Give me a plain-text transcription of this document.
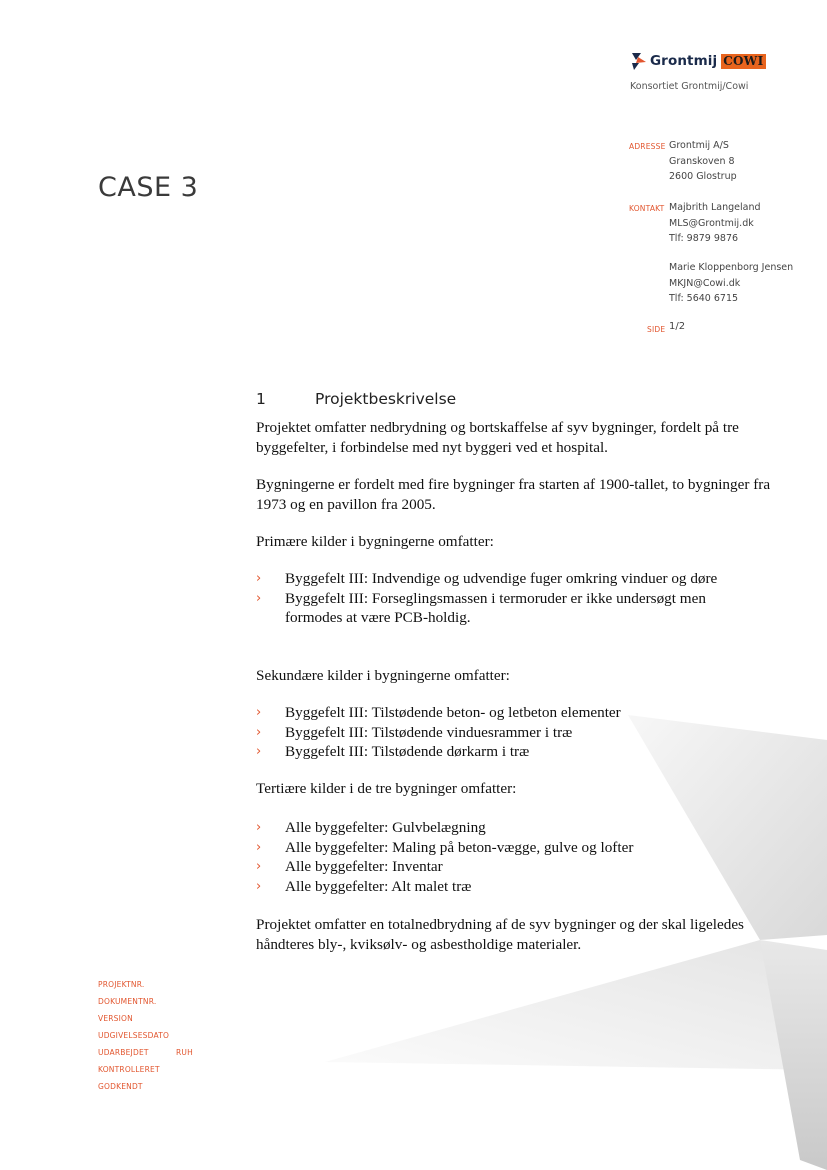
Grontmij COWI
Konsortiet Grontmij/Cowi
CASE 3
ADRESSE Grontmij A/S
Granskoven 8
2600 Glostrup
KONTAKT Majbrith Langeland
MLS@Grontmij.dk
Tlf: 9879 9876
Marie Kloppenborg Jensen
MKJN@Cowi.dk
Tlf: 5640 6715
SIDE 1/2
1	Projektbeskrivelse
Projektet omfatter nedbrydning og bortskaffelse af syv bygninger, fordelt på tre byggefelter, i forbindelse med nyt byggeri ved et hospital.
Bygningerne er fordelt med fire bygninger fra starten af 1900-tallet, to bygninger fra 1973 og en pavillon fra 2005.
Primære kilder i bygningerne omfatter:
› Byggefelt III: Indvendige og udvendige fuger omkring vinduer og døre
› Byggefelt III: Forseglingsmassen i termoruder er ikke undersøgt men formodes at være PCB-holdig.
Sekundære kilder i bygningerne omfatter:
› Byggefelt III: Tilstødende beton- og letbeton elementer
› Byggefelt III: Tilstødende vinduesrammer i træ
› Byggefelt III: Tilstødende dørkarm i træ
Tertiære kilder i de tre bygninger omfatter:
› Alle byggefelter: Gulvbelægning
› Alle byggefelter: Maling på beton-vægge, gulve og lofter
› Alle byggefelter: Inventar
› Alle byggefelter: Alt malet træ
Projektet omfatter en totalnedbrydning af de syv bygninger og der skal ligeledes håndteres bly-, kviksølv- og asbestholdige materialer.
PROJEKTNR.
DOKUMENTNR.
VERSION
UDGIVELSESDATO
UDARBEJDET	RUH
KONTROLLERET
GODKENDT
